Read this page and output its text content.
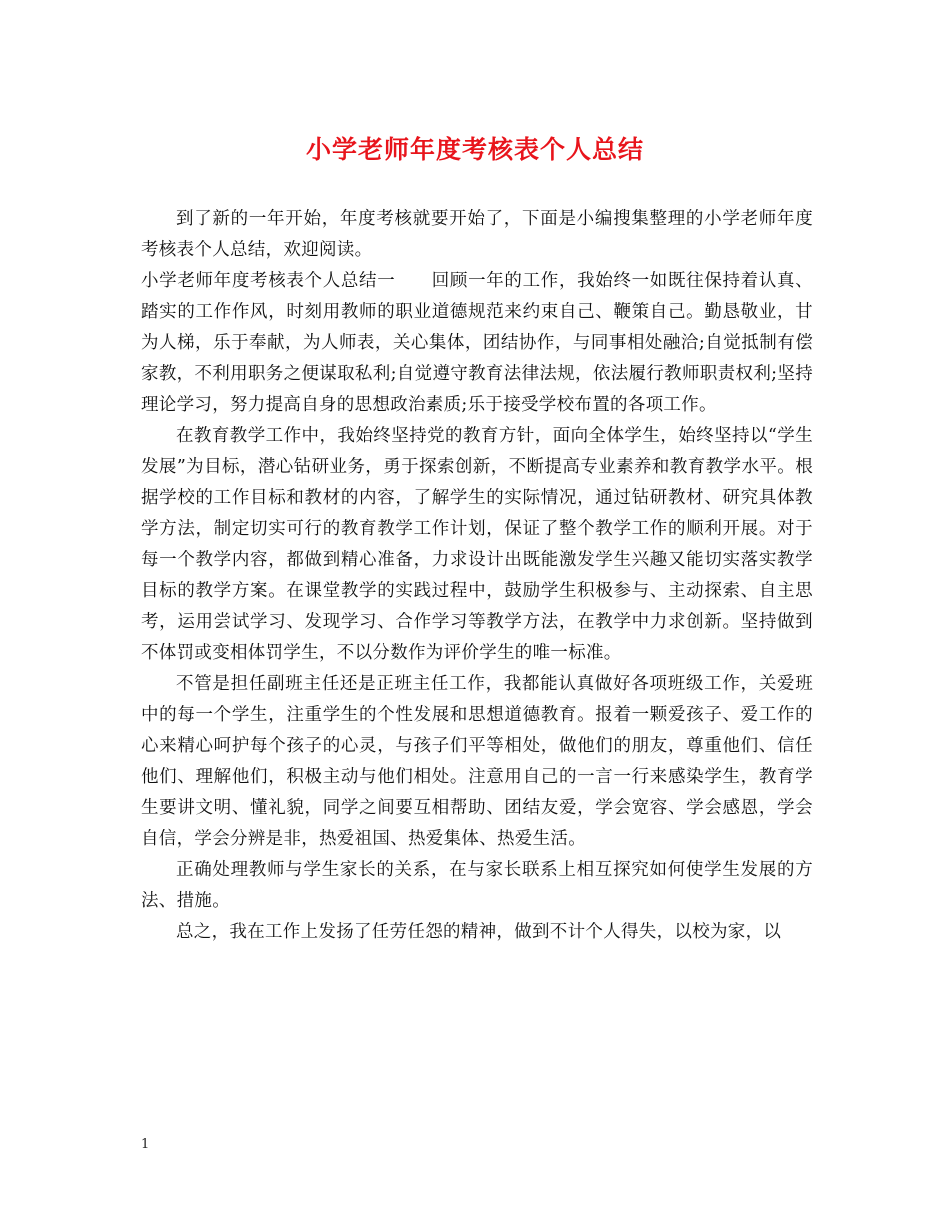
小学老师年度考核表个人总结

到了新的一年开始，年度考核就要开始了，下面是小编搜集整理的小学老师年度考核表个人总结，欢迎阅读。

小学老师年度考核表个人总结一　　回顾一年的工作，我始终一如既往保持着认真、踏实的工作作风，时刻用教师的职业道德规范来约束自己、鞭策自己。勤恳敬业，甘为人梯，乐于奉献，为人师表，关心集体，团结协作，与同事相处融洽;自觉抵制有偿家教，不利用职务之便谋取私利;自觉遵守教育法律法规，依法履行教师职责权利;坚持理论学习，努力提高自身的思想政治素质;乐于接受学校布置的各项工作。

在教育教学工作中，我始终坚持党的教育方针，面向全体学生，始终坚持以“学生发展”为目标，潜心钻研业务，勇于探索创新，不断提高专业素养和教育教学水平。根据学校的工作目标和教材的内容，了解学生的实际情况，通过钻研教材、研究具体教学方法，制定切实可行的教育教学工作计划，保证了整个教学工作的顺利开展。对于每一个教学内容，都做到精心准备，力求设计出既能激发学生兴趣又能切实落实教学目标的教学方案。在课堂教学的实践过程中，鼓励学生积极参与、主动探索、自主思考，运用尝试学习、发现学习、合作学习等教学方法，在教学中力求创新。坚持做到不体罚或变相体罚学生，不以分数作为评价学生的唯一标准。

不管是担任副班主任还是正班主任工作，我都能认真做好各项班级工作，关爱班中的每一个学生，注重学生的个性发展和思想道德教育。报着一颗爱孩子、爱工作的心来精心呵护每个孩子的心灵，与孩子们平等相处，做他们的朋友，尊重他们、信任他们、理解他们，积极主动与他们相处。注意用自己的一言一行来感染学生，教育学生要讲文明、懂礼貌，同学之间要互相帮助、团结友爱，学会宽容、学会感恩，学会自信，学会分辨是非，热爱祖国、热爱集体、热爱生活。

正确处理教师与学生家长的关系，在与家长联系上相互探究如何使学生发展的方法、措施。

总之，我在工作上发扬了任劳任怨的精神，做到不计个人得失，以校为家，以

1
